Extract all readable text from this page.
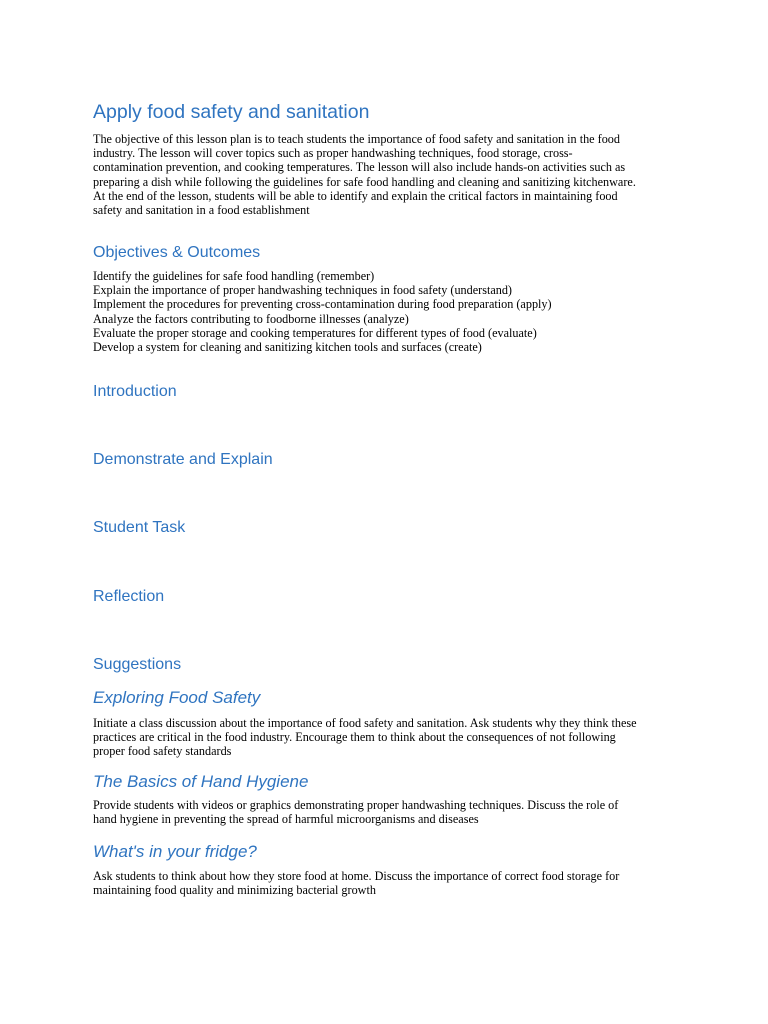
Apply food safety and sanitation
The objective of this lesson plan is to teach students the importance of food safety and sanitation in the food
industry. The lesson will cover topics such as proper handwashing techniques, food storage, cross-
contamination prevention, and cooking temperatures. The lesson will also include hands-on activities such as
preparing a dish while following the guidelines for safe food handling and cleaning and sanitizing kitchenware.
At the end of the lesson, students will be able to identify and explain the critical factors in maintaining food
safety and sanitation in a food establishment
Objectives & Outcomes
Identify the guidelines for safe food handling (remember)
Explain the importance of proper handwashing techniques in food safety (understand)
Implement the procedures for preventing cross-contamination during food preparation (apply)
Analyze the factors contributing to foodborne illnesses (analyze)
Evaluate the proper storage and cooking temperatures for different types of food (evaluate)
Develop a system for cleaning and sanitizing kitchen tools and surfaces (create)
Introduction
Demonstrate and Explain
Student Task
Reflection
Suggestions
Exploring Food Safety
Initiate a class discussion about the importance of food safety and sanitation. Ask students why they think these
practices are critical in the food industry. Encourage them to think about the consequences of not following
proper food safety standards
The Basics of Hand Hygiene
Provide students with videos or graphics demonstrating proper handwashing techniques. Discuss the role of
hand hygiene in preventing the spread of harmful microorganisms and diseases
What's in your fridge?
Ask students to think about how they store food at home. Discuss the importance of correct food storage for
maintaining food quality and minimizing bacterial growth
